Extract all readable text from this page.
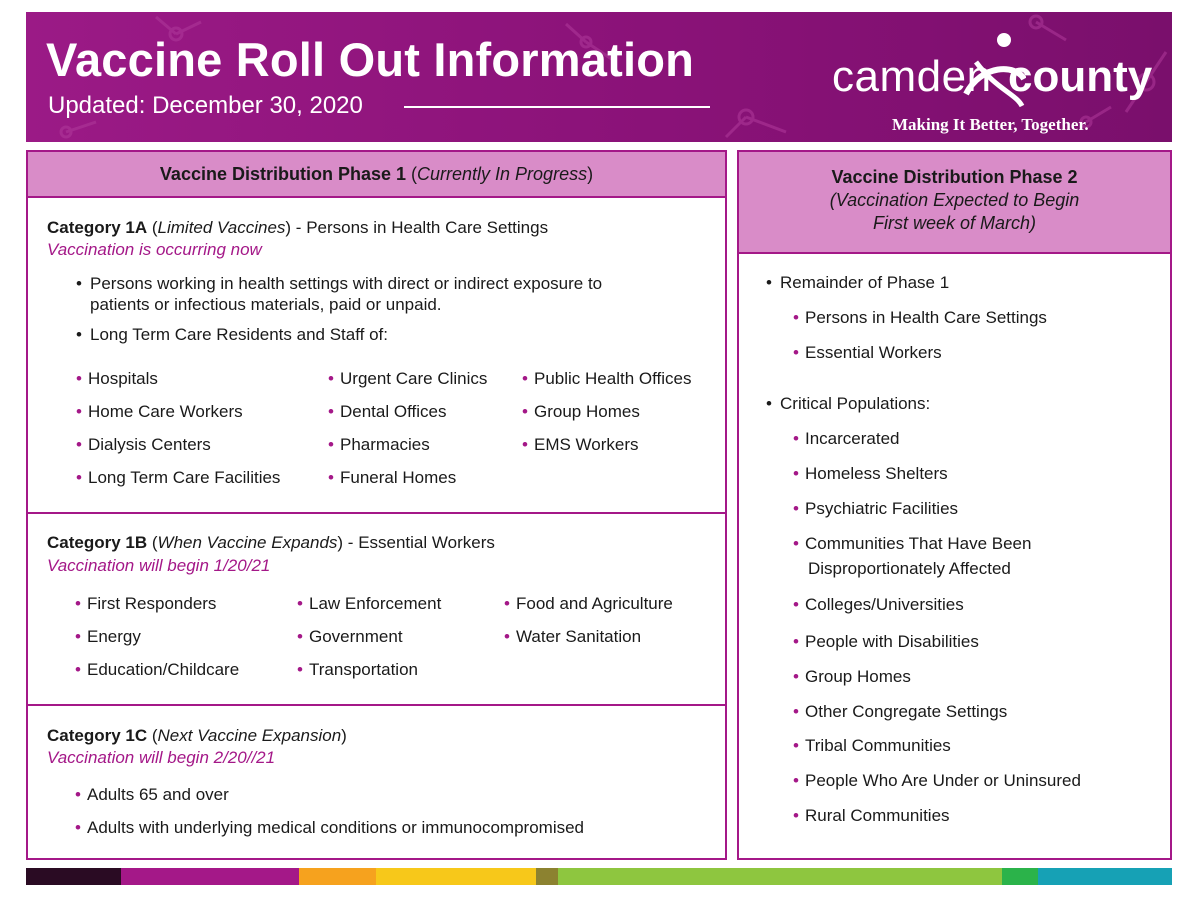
Vaccine Roll Out Information
Updated: December 30, 2020
camden county
Making It Better, Together.
Vaccine Distribution Phase 1 (Currently In Progress)
Category 1A (Limited Vaccines) - Persons in Health Care Settings
Vaccination is occurring now
• Persons working in health settings with direct or indirect exposure to
patients or infectious materials, paid or unpaid.
• Long Term Care Residents and Staff of:
• Hospitals
• Home Care Workers
• Dialysis Centers
• Long Term Care Facilities
• Urgent Care Clinics
• Dental Offices
• Pharmacies
• Funeral Homes
• Public Health Offices
• Group Homes
• EMS Workers
Category 1B (When Vaccine Expands) - Essential Workers
Vaccination will begin 1/20/21
• First Responders
• Energy
• Education/Childcare
• Law Enforcement
• Government
• Transportation
• Food and Agriculture
• Water Sanitation
Category 1C (Next Vaccine Expansion)
Vaccination will begin 2/20//21
• Adults 65 and over
• Adults with underlying medical conditions or immunocompromised
Vaccine Distribution Phase 2
(Vaccination Expected to Begin
First week of March)
• Remainder of Phase 1
• Persons in Health Care Settings
• Essential Workers
• Critical Populations:
• Incarcerated
• Homeless Shelters
• Psychiatric Facilities
• Communities That Have Been
Disproportionately Affected
• Colleges/Universities
• People with Disabilities
• Group Homes
• Other Congregate Settings
• Tribal Communities
• People Who Are Under or Uninsured
• Rural Communities
